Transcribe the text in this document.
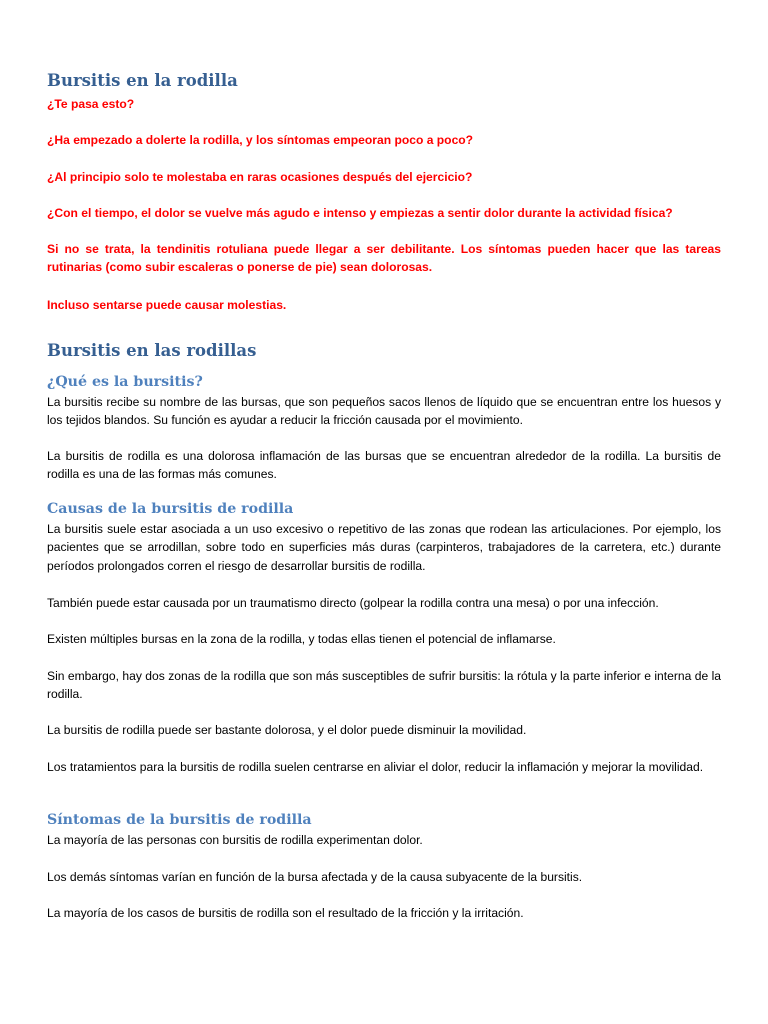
Bursitis en la rodilla
¿Te pasa esto?
¿Ha empezado a dolerte la rodilla, y los síntomas empeoran poco a poco?
¿Al principio solo te molestaba en raras ocasiones después del ejercicio?
¿Con el tiempo, el dolor se vuelve más agudo e intenso y empiezas a sentir dolor durante la actividad física?
Si no se trata, la tendinitis rotuliana puede llegar a ser debilitante. Los síntomas pueden hacer que las tareas rutinarias (como subir escaleras o ponerse de pie) sean dolorosas.
Incluso sentarse puede causar molestias.
Bursitis en las rodillas
¿Qué es la bursitis?
La bursitis recibe su nombre de las bursas, que son pequeños sacos llenos de líquido que se encuentran entre los huesos y los tejidos blandos. Su función es ayudar a reducir la fricción causada por el movimiento.
La bursitis de rodilla es una dolorosa inflamación de las bursas que se encuentran alrededor de la rodilla. La bursitis de rodilla es una de las formas más comunes.
Causas de la bursitis de rodilla
La bursitis suele estar asociada a un uso excesivo o repetitivo de las zonas que rodean las articulaciones. Por ejemplo, los pacientes que se arrodillan, sobre todo en superficies más duras (carpinteros, trabajadores de la carretera, etc.) durante períodos prolongados corren el riesgo de desarrollar bursitis de rodilla.
También puede estar causada por un traumatismo directo (golpear la rodilla contra una mesa) o por una infección.
Existen múltiples bursas en la zona de la rodilla, y todas ellas tienen el potencial de inflamarse.
Sin embargo, hay dos zonas de la rodilla que son más susceptibles de sufrir bursitis: la rótula y la parte inferior e interna de la rodilla.
La bursitis de rodilla puede ser bastante dolorosa, y el dolor puede disminuir la movilidad.
Los tratamientos para la bursitis de rodilla suelen centrarse en aliviar el dolor, reducir la inflamación y mejorar la movilidad.
Síntomas de la bursitis de rodilla
La mayoría de las personas con bursitis de rodilla experimentan dolor.
Los demás síntomas varían en función de la bursa afectada y de la causa subyacente de la bursitis.
La mayoría de los casos de bursitis de rodilla son el resultado de la fricción y la irritación.
